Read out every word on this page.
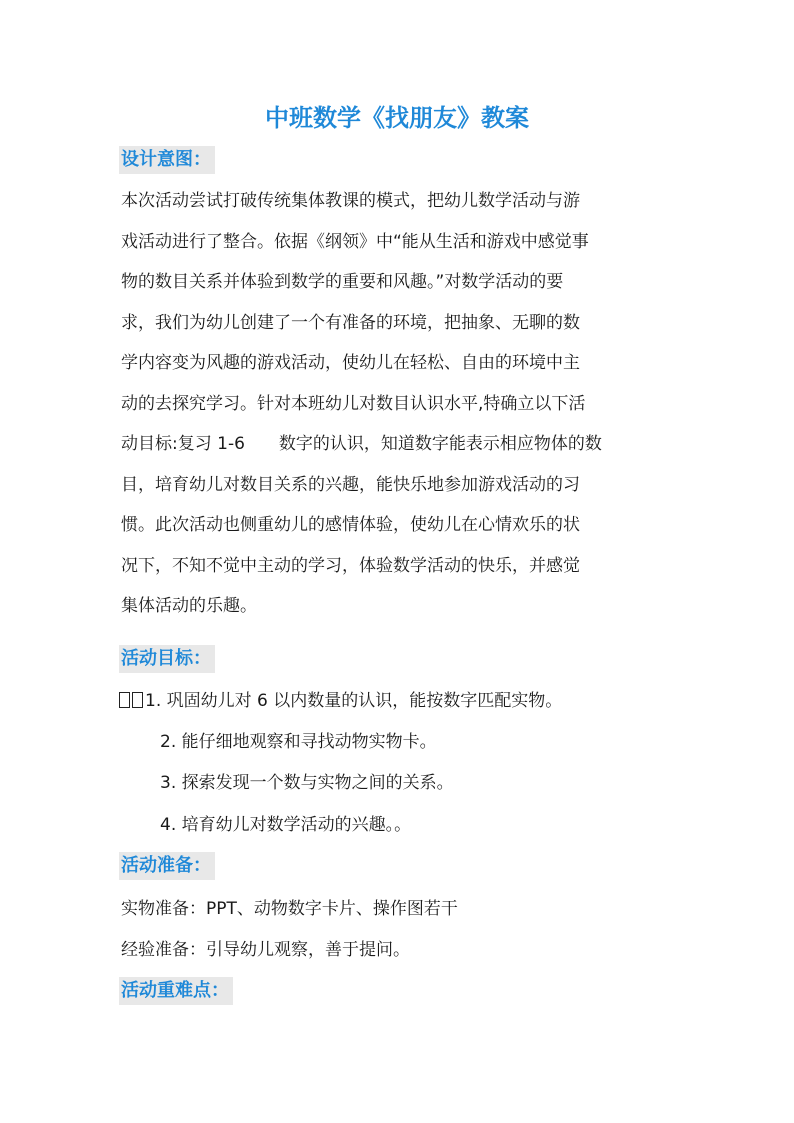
中班数学《找朋友》教案
设计意图：
本次活动尝试打破传统集体教课的模式，把幼儿数学活动与游
戏活动进行了整合。依据《纲领》中“能从生活和游戏中感觉事
物的数目关系并体验到数学的重要和风趣。”对数学活动的要
求，我们为幼儿创建了一个有准备的环境，把抽象、无聊的数
学内容变为风趣的游戏活动，使幼儿在轻松、自由的环境中主
动的去探究学习。针对本班幼儿对数目认识水平,特确立以下活
动目标:复习 1-6　　数字的认识，知道数字能表示相应物体的数
目，培育幼儿对数目关系的兴趣，能快乐地参加游戏活动的习
惯。此次活动也侧重幼儿的感情体验，使幼儿在心情欢乐的状
况下，不知不觉中主动的学习，体验数学活动的快乐，并感觉
集体活动的乐趣。
活动目标：
1. 巩固幼儿对 6 以内数量的认识，能按数字匹配实物。
2. 能仔细地观察和寻找动物实物卡。
3. 探索发现一个数与实物之间的关系。
4. 培育幼儿对数学活动的兴趣。。
活动准备：
实物准备：PPT、动物数字卡片、操作图若干
经验准备：引导幼儿观察，善于提问。
活动重难点：
